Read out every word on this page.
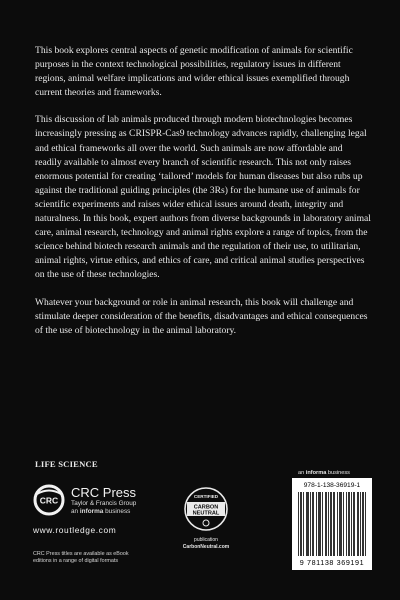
This book explores central aspects of genetic modification of animals for scientific purposes in the context technological possibilities, regulatory issues in different regions, animal welfare implications and wider ethical issues exemplified through current theories and frameworks.

This discussion of lab animals produced through modern biotechnologies becomes increasingly pressing as CRISPR-Cas9 technology advances rapidly, challenging legal and ethical frameworks all over the world. Such animals are now affordable and readily available to almost every branch of scientific research. This not only raises enormous potential for creating ‘tailored’ models for human diseases but also rubs up against the traditional guiding principles (the 3Rs) for the humane use of animals for scientific experiments and raises wider ethical issues around death, integrity and naturalness. In this book, expert authors from diverse backgrounds in laboratory animal care, animal research, technology and animal rights explore a range of topics, from the science behind biotech research animals and the regulation of their use, to utilitarian, animal rights, virtue ethics, and ethics of care, and critical animal studies perspectives on the use of these technologies.

Whatever your background or role in animal research, this book will challenge and stimulate deeper consideration of the benefits, disadvantages and ethical consequences of the use of biotechnology in the animal laboratory.

LIFE SCIENCE
CRC
CRC Press
Taylor & Francis Group
an informa business
www.routledge.com
CRC Press titles are available as eBook editions in a range of digital formats
CERTIFIED
CARBON
NEUTRAL
publication
CarbonNeutral.com
an informa business
978-1-138-36919-1
9 781138 369191
